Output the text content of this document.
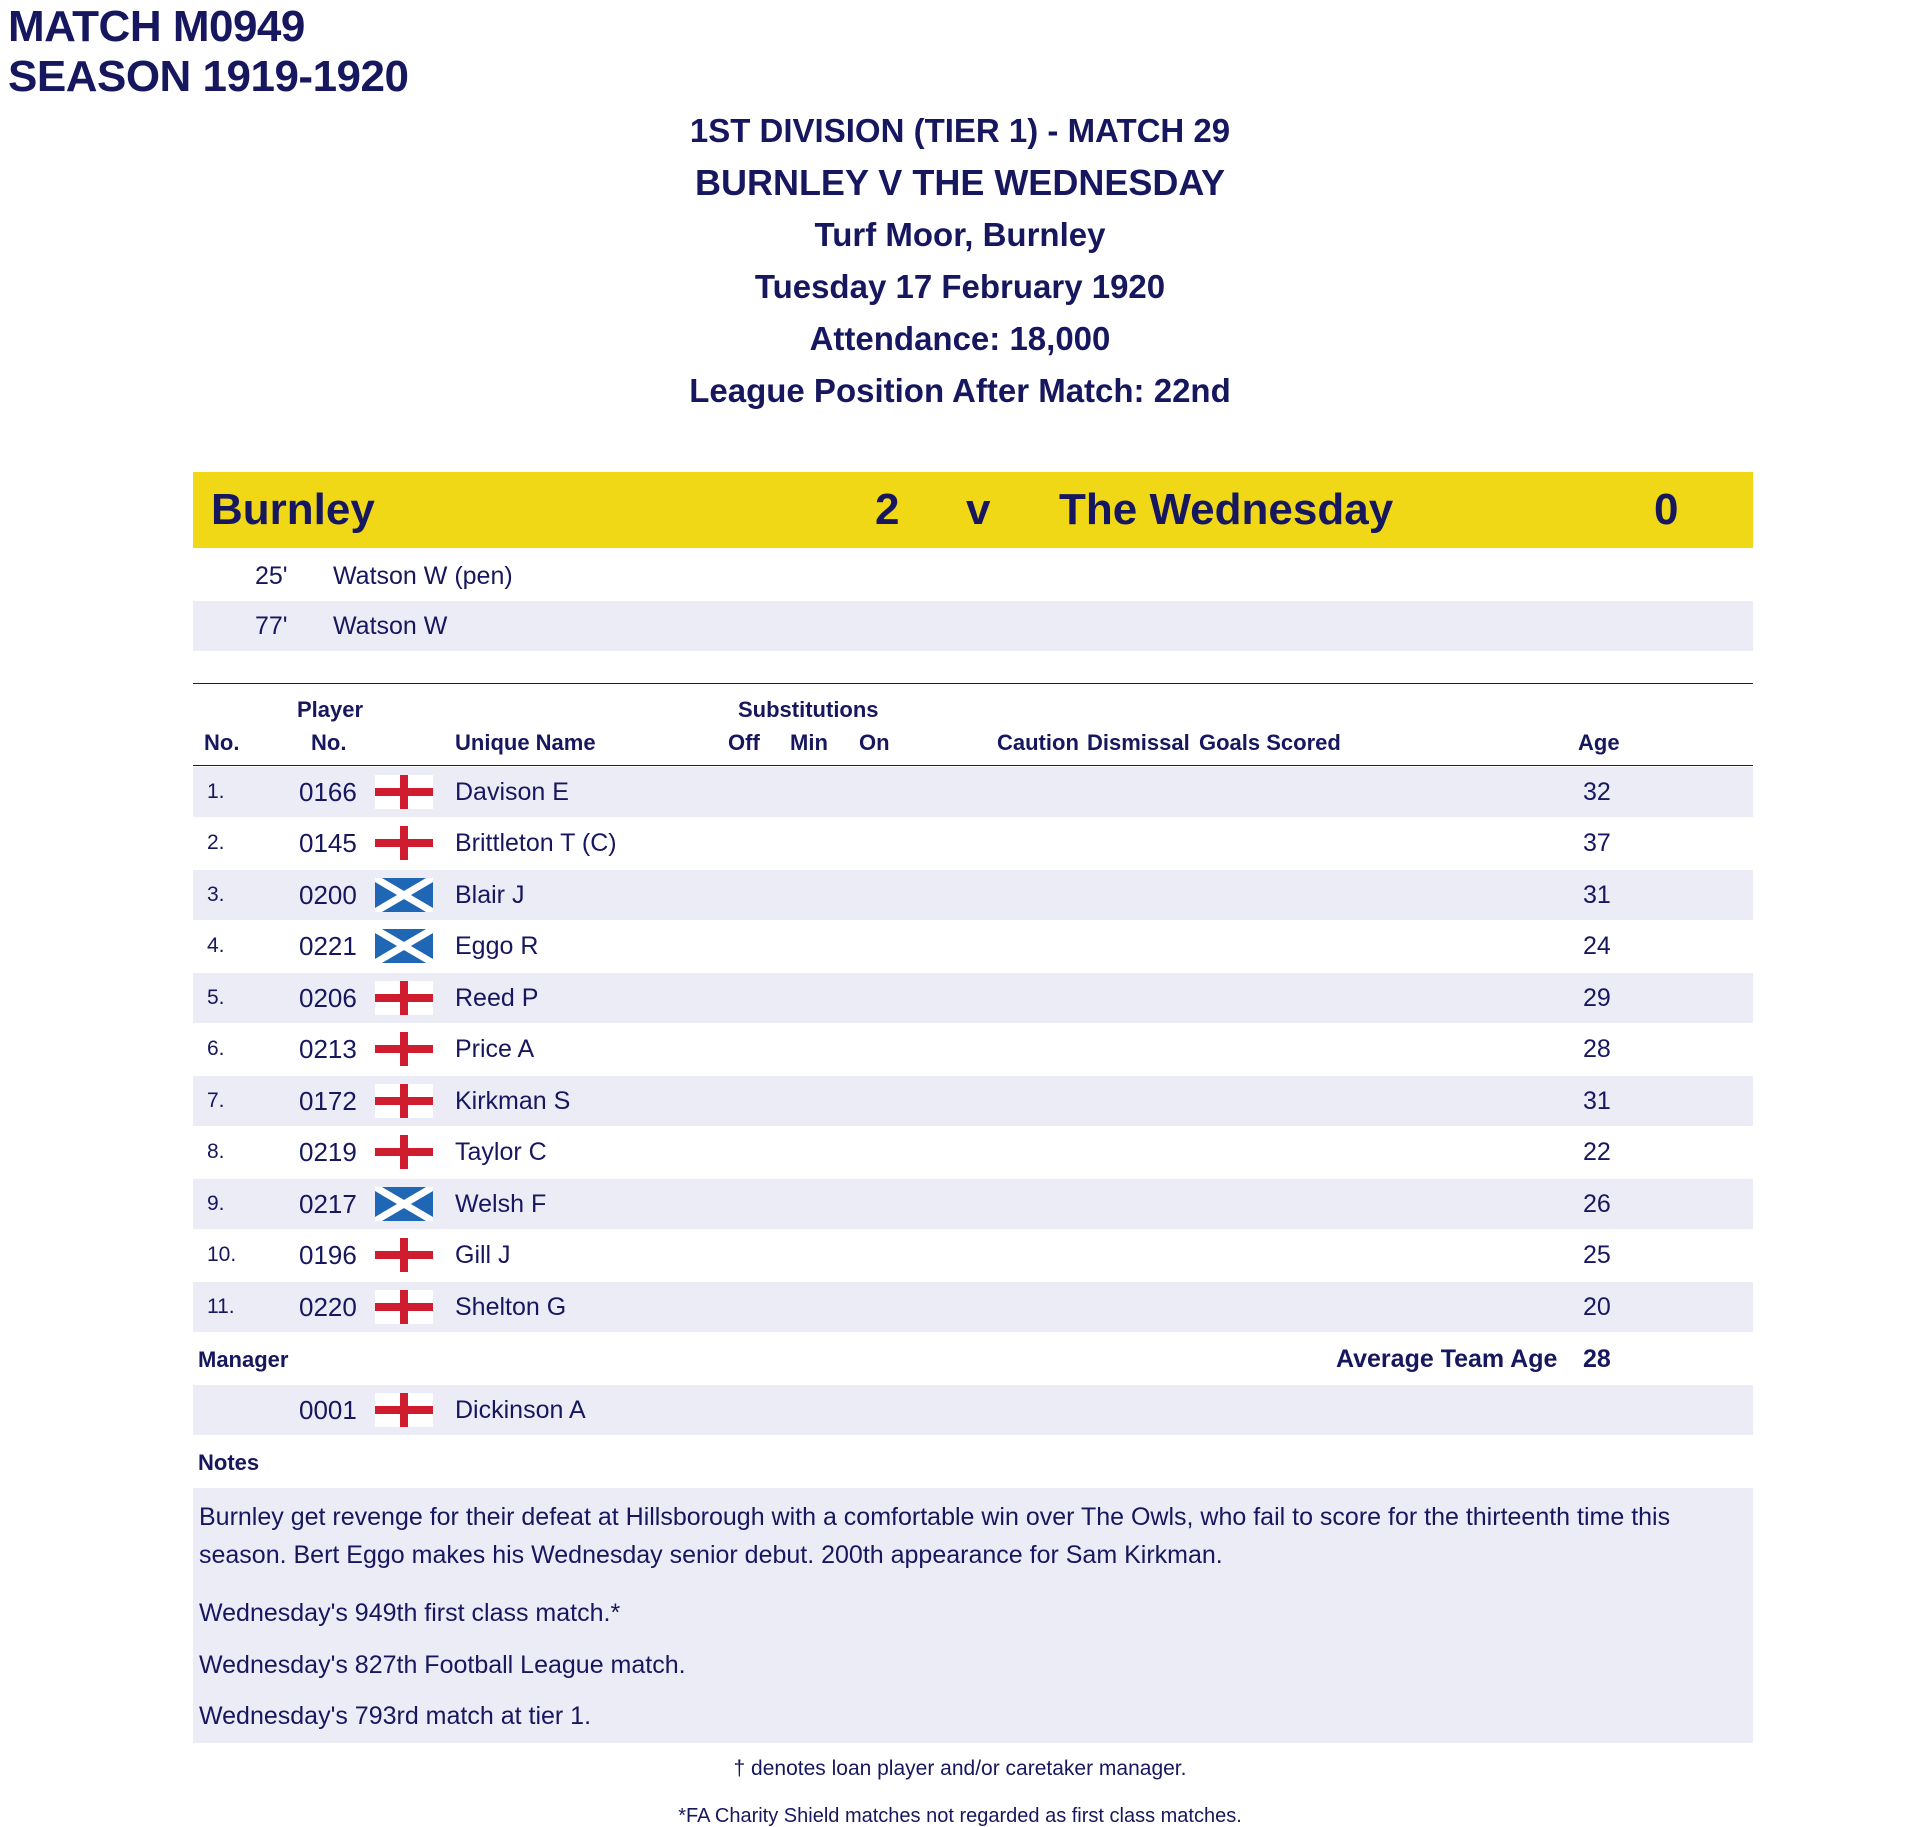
MATCH M0949
SEASON 1919-1920
1ST DIVISION (TIER 1) - MATCH 29
BURNLEY V THE WEDNESDAY
Turf Moor, Burnley
Tuesday 17 February 1920
Attendance: 18,000
League Position After Match: 22nd
Burnley	2 v The Wednesday	0
25' Watson W (pen)
77' Watson W
Player	Substitutions
No.	No.	Unique Name	Off Min On	Caution Dismissal Goals Scored	Age
1.	0166	Davison E	32
2.	0145	Brittleton T (C)	37
3.	0200	Blair J	31
4.	0221	Eggo R	24
5.	0206	Reed P	29
6.	0213	Price A	28
7.	0172	Kirkman S	31
8.	0219	Taylor C	22
9.	0217	Welsh F	26
10. 0196	Gill J	25
11. 0220	Shelton G	20
Manager	Average Team Age 28
0001	Dickinson A
Notes
Burnley get revenge for their defeat at Hillsborough with a comfortable win over The Owls, who fail to score for the thirteenth time this
season. Bert Eggo makes his Wednesday senior debut. 200th appearance for Sam Kirkman.
Wednesday's 949th first class match.*
Wednesday's 827th Football League match.
Wednesday's 793rd match at tier 1.
† denotes loan player and/or caretaker manager.
*FA Charity Shield matches not regarded as first class matches.
